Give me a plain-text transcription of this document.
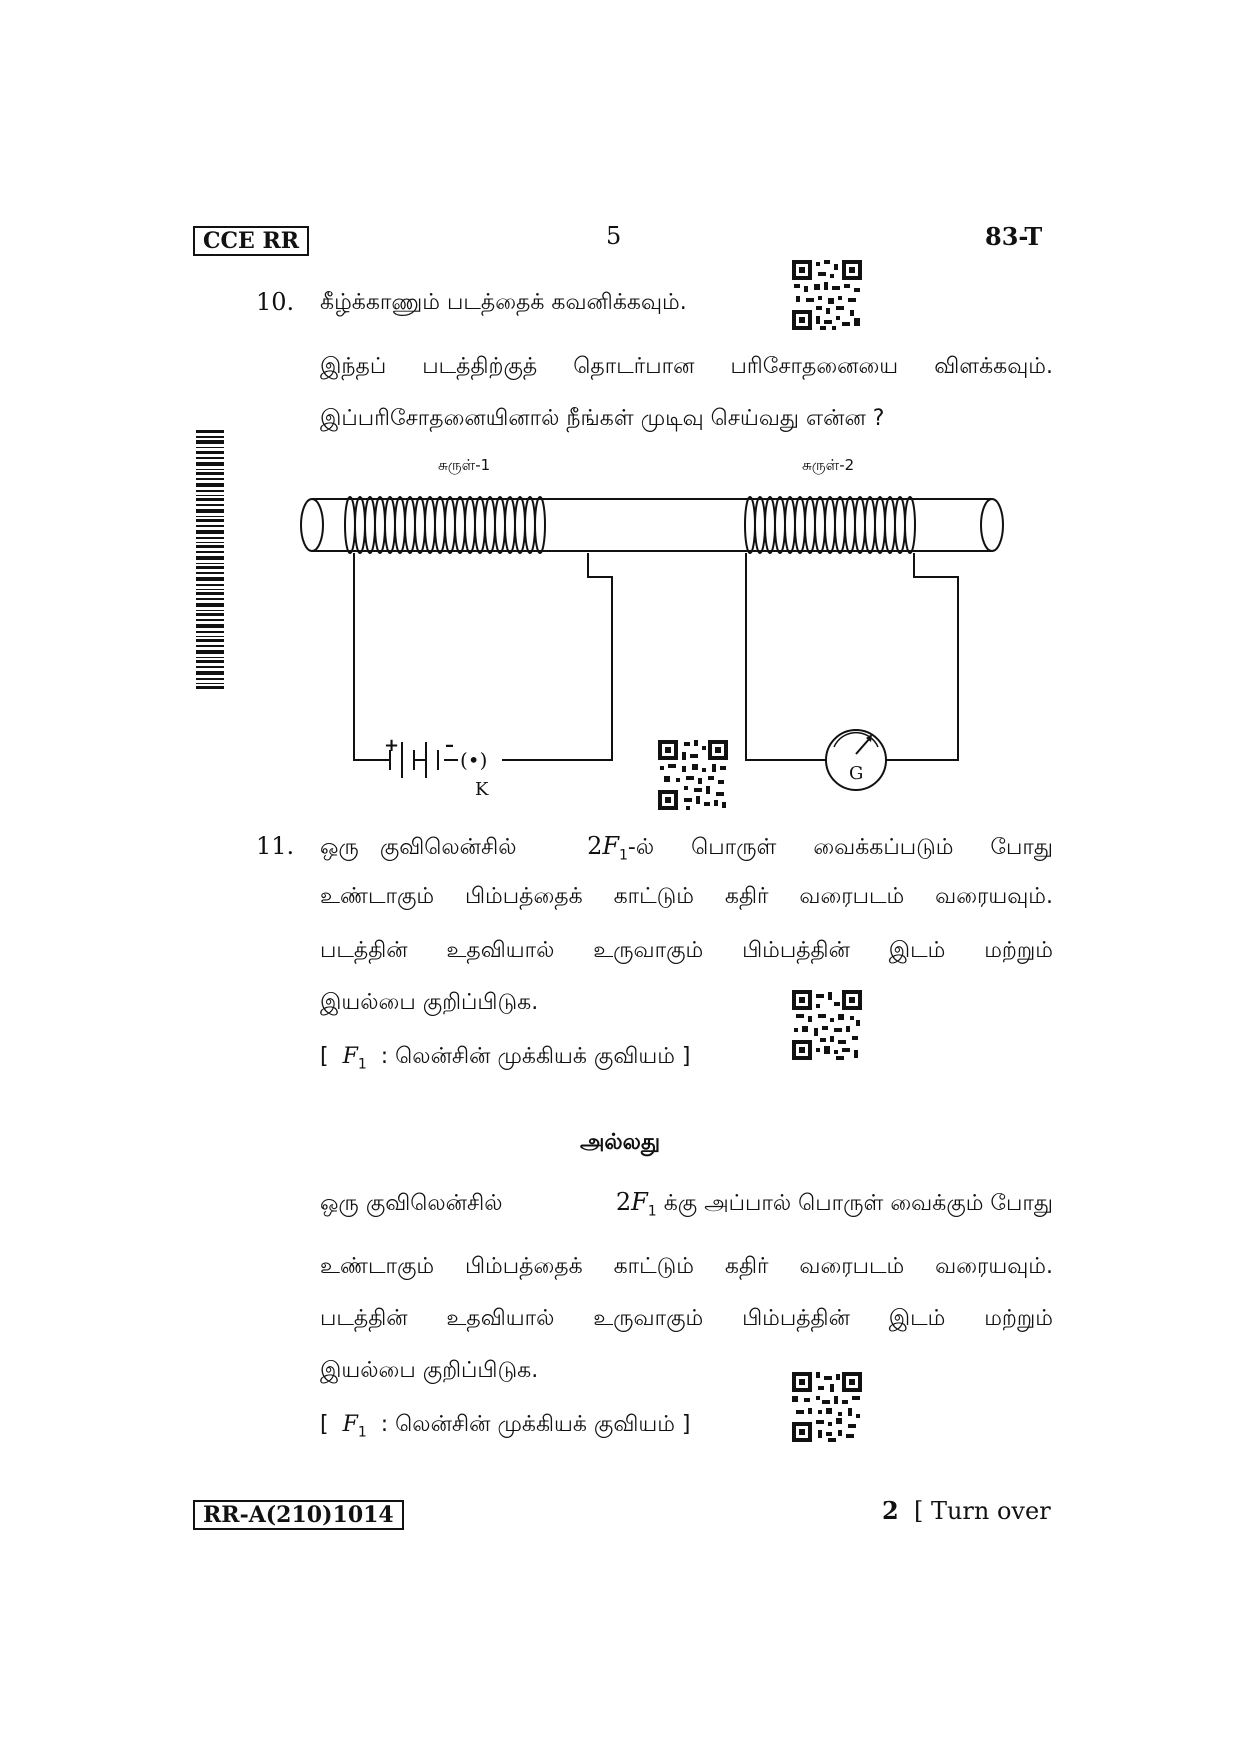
CCE RR	5	83-T
10. கீழ்க்காணும் படத்தைக் கவனிக்கவும்.
இந்தப் படத்திற்குத் தொடர்பான பரிசோதனையை விளக்கவும்.
இப்பரிசோதனையினால் நீங்கள் முடிவு செய்வது என்ன ?
+	–
(•)
K
G
சுருள்-1	சுருள்-2
11. ஒரு குவிலென்சில்	$2F_1-ல்$ பொருள் வைக்கப்படும் போது
உண்டாகும் பிம்பத்தைக் காட்டும் கதிர் வரைபடம் வரையவும்.
படத்தின் உதவியால் உருவாகும் பிம்பத்தின் இடம் மற்றும்
இயல்பை குறிப்பிடுக.
[ $F_1$ : லென்சின் முக்கியக் குவியம் ]
அல்லது
ஒரு குவிலென்சில்	$2F_1$ க்கு அப்பால் பொருள் வைக்கும் போது
உண்டாகும் பிம்பத்தைக் காட்டும் கதிர் வரைபடம் வரையவும்.
படத்தின் உதவியால் உருவாகும் பிம்பத்தின் இடம் மற்றும்
இயல்பை குறிப்பிடுக.
[ $F_1$ : லென்சின் முக்கியக் குவியம் ]
RR-A(210)1014	2 [ Turn over
